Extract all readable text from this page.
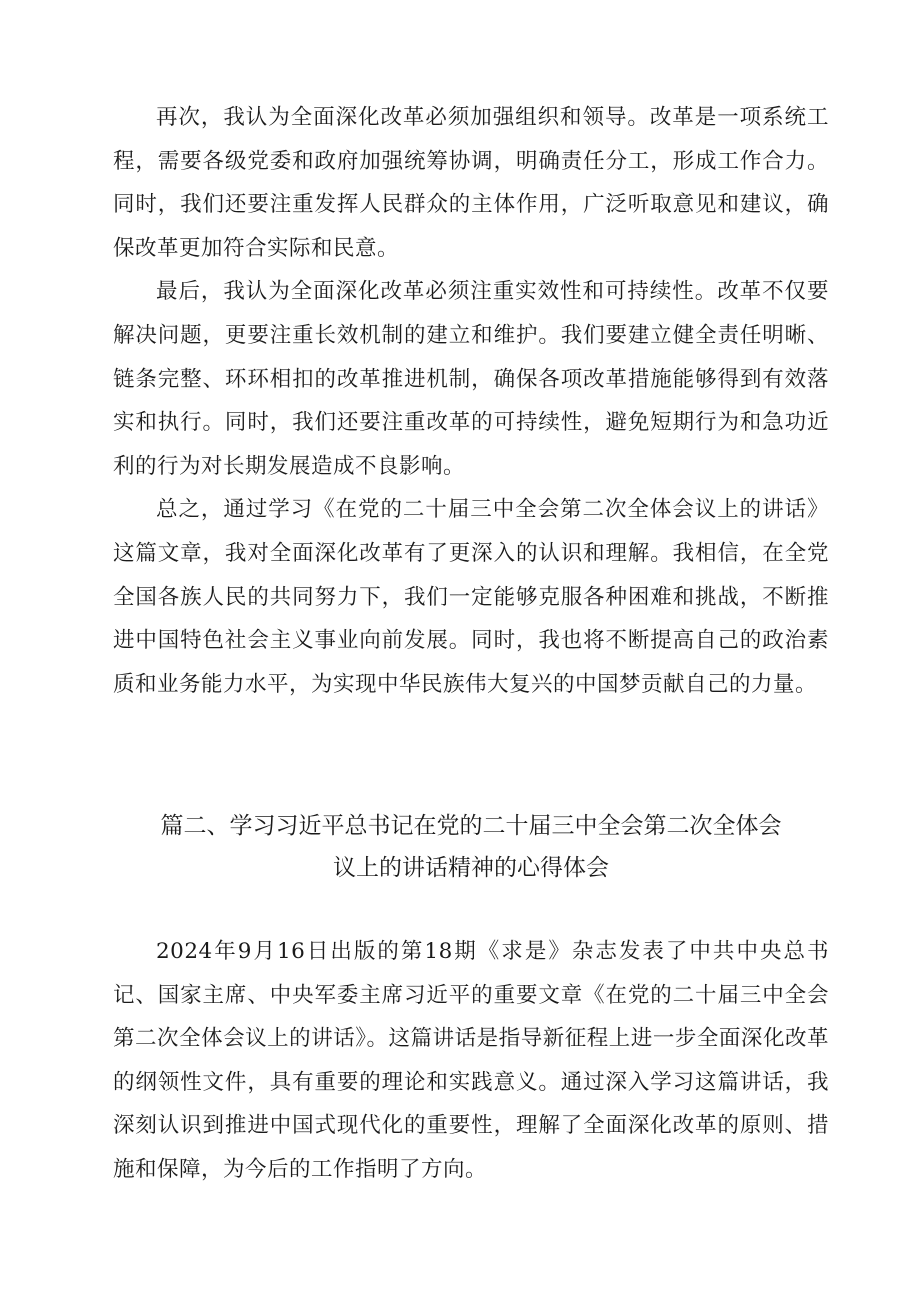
再次，我认为全面深化改革必须加强组织和领导。改革是一项系统工程，需要各级党委和政府加强统筹协调，明确责任分工，形成工作合力。同时，我们还要注重发挥人民群众的主体作用，广泛听取意见和建议，确保改革更加符合实际和民意。

最后，我认为全面深化改革必须注重实效性和可持续性。改革不仅要解决问题，更要注重长效机制的建立和维护。我们要建立健全责任明晰、链条完整、环环相扣的改革推进机制，确保各项改革措施能够得到有效落实和执行。同时，我们还要注重改革的可持续性，避免短期行为和急功近利的行为对长期发展造成不良影响。

总之，通过学习《在党的二十届三中全会第二次全体会议上的讲话》这篇文章，我对全面深化改革有了更深入的认识和理解。我相信，在全党全国各族人民的共同努力下，我们一定能够克服各种困难和挑战，不断推进中国特色社会主义事业向前发展。同时，我也将不断提高自己的政治素质和业务能力水平，为实现中华民族伟大复兴的中国梦贡献自己的力量。

篇二、学习习近平总书记在党的二十届三中全会第二次全体会
议上的讲话精神的心得体会

2024年9月16日出版的第18期《求是》杂志发表了中共中央总书记、国家主席、中央军委主席习近平的重要文章《在党的二十届三中全会第二次全体会议上的讲话》。这篇讲话是指导新征程上进一步全面深化改革的纲领性文件，具有重要的理论和实践意义。通过深入学习这篇讲话，我深刻认识到推进中国式现代化的重要性，理解了全面深化改革的原则、措施和保障，为今后的工作指明了方向。
